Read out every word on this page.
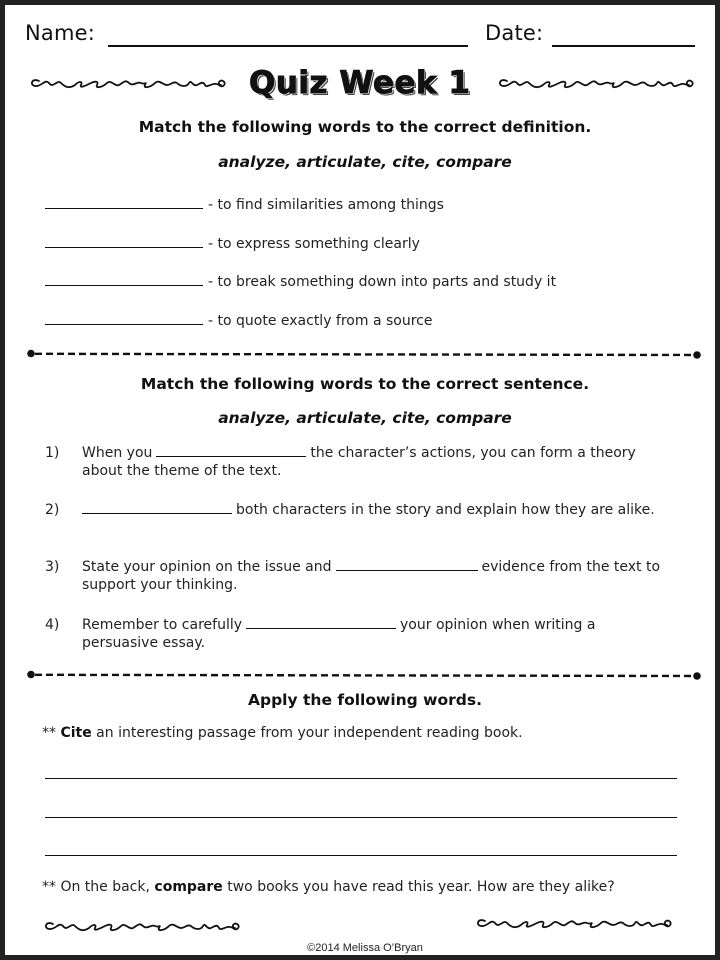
Name:	Date:
Quiz Week 1
Match the following words to the correct definition.
analyze, articulate, cite, compare
- to find similarities among things
- to express something clearly
- to break something down into parts and study it
- to quote exactly from a source
Match the following words to the correct sentence.
analyze, articulate, cite, compare
1)	When you	the character’s actions, you can form a theory about the theme of the text.
2)	both characters in the story and explain how they are alike.
3)	State your opinion on the issue and	evidence from the text to support your thinking.
4)	Remember to carefully	your opinion when writing a persuasive essay.
Apply the following words.
** Cite an interesting passage from your independent reading book.
** On the back, compare two books you have read this year. How are they alike?
©2014 Melissa O’Bryan
